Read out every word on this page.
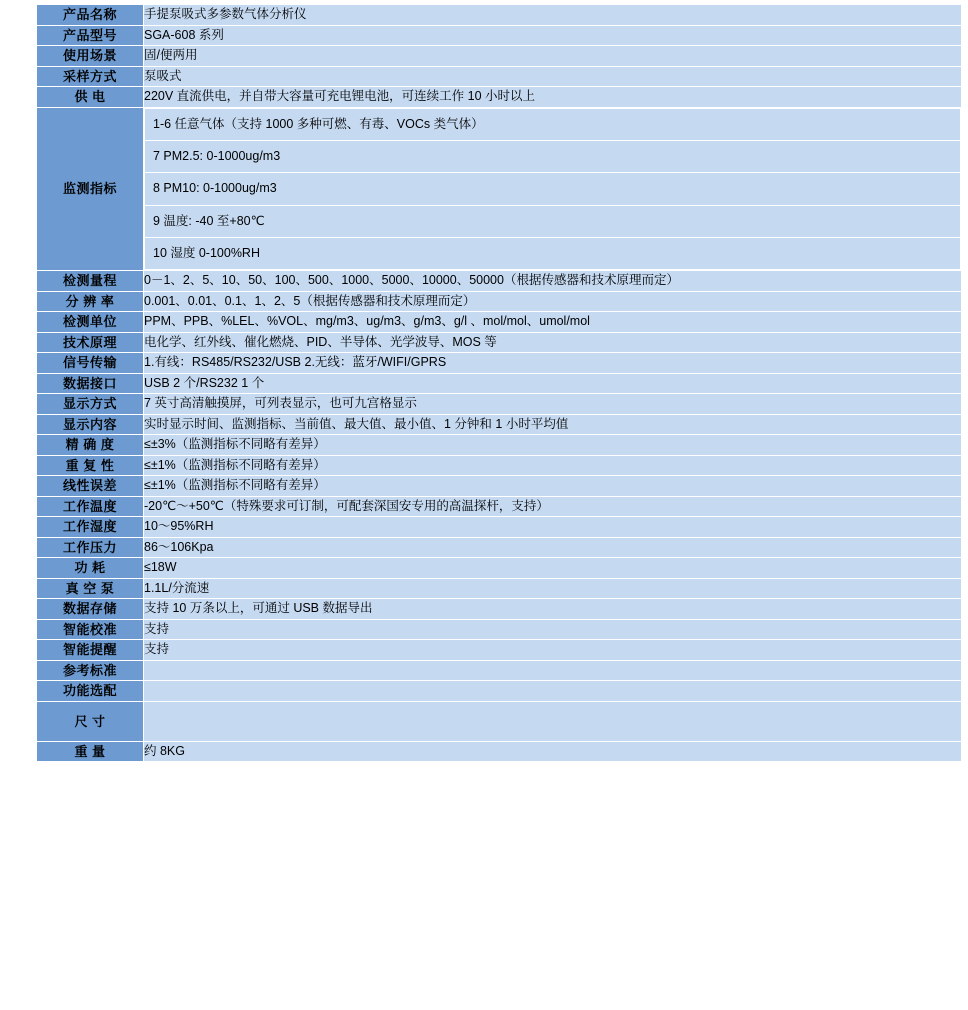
产品名称	手提泵吸式多参数气体分析仪
产品型号	SGA-608 系列
使用场景	固/便两用
采样方式	泵吸式
供 电	220V 直流供电，并自带大容量可充电锂电池，可连续工作 10 小时以上
监测指标	
1-6 任意气体（支持 1000 多种可燃、有毒、VOCs 类气体）
7 PM2.5: 0-1000ug/m3
8 PM10: 0-1000ug/m3
9 温度: -40 至+80℃
10 湿度 0-100%RH

检测量程	0－1、2、5、10、50、100、500、1000、5000、10000、50000（根据传感器和技术原理而定）
分 辨 率	0.001、0.01、0.1、1、2、5（根据传感器和技术原理而定）
检测单位	PPM、PPB、%LEL、%VOL、mg/m3、ug/m3、g/m3、g/l 、mol/mol、umol/mol
技术原理	电化学、红外线、催化燃烧、PID、半导体、光学波导、MOS 等
信号传输	1.有线：RS485/RS232/USB 2.无线：蓝牙/WIFI/GPRS
数据接口	USB 2 个/RS232 1 个
显示方式	7 英寸高清触摸屏，可列表显示，也可九宫格显示
显示内容	实时显示时间、监测指标、当前值、最大值、最小值、1 分钟和 1 小时平均值
精 确 度	≤±3%（监测指标不同略有差异）
重 复 性	≤±1%（监测指标不同略有差异）
线性误差	≤±1%（监测指标不同略有差异）
工作温度	-20℃～+50℃（特殊要求可订制，可配套深国安专用的高温探杆，支持）
工作湿度	10～95%RH
工作压力	86～106Kpa
功 耗	≤18W
真 空 泵	1.1L/分流速
数据存储	支持 10 万条以上，可通过 USB 数据导出
智能校准	支持
智能提醒	支持
参考标准	
功能选配	

尺 寸	

重 量	约 8KG
